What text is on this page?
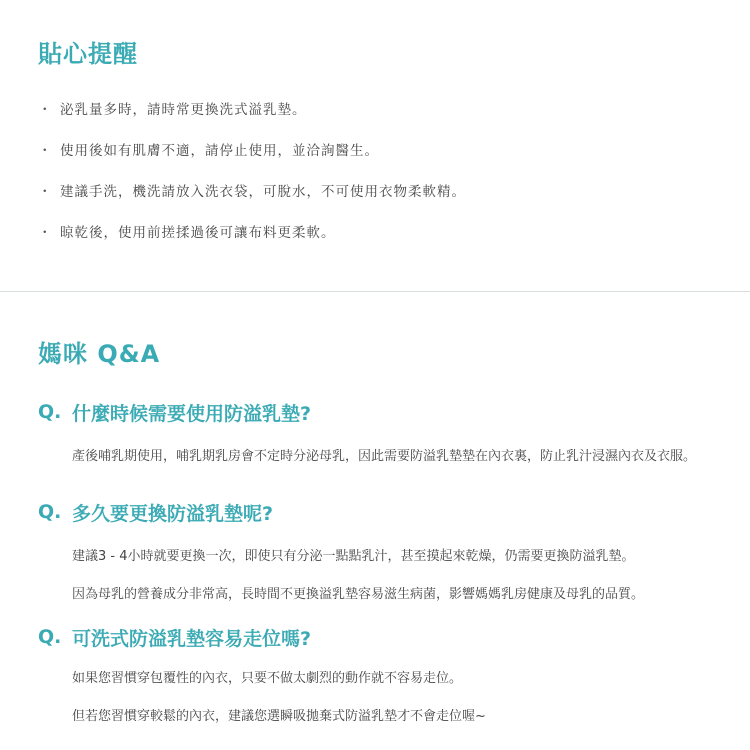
貼心提醒
・ 泌乳量多時，請時常更換洗式溢乳墊。
・ 使用後如有肌膚不適，請停止使用，並洽詢醫生。
・ 建議手洗，機洗請放入洗衣袋，可脫水，不可使用衣物柔軟精。
・ 晾乾後，使用前搓揉過後可讓布料更柔軟。
媽咪 Q&A
Q. 什麼時候需要使用防溢乳墊?

產後哺乳期使用，哺乳期乳房會不定時分泌母乳，因此需要防溢乳墊墊在內衣裏，防止乳汁浸濕內衣及衣服。

Q. 多久要更換防溢乳墊呢?

建議3 - 4小時就要更換一次，即使只有分泌一點點乳汁，甚至摸起來乾燥，仍需要更換防溢乳墊。

因為母乳的營養成分非常高，長時間不更換溢乳墊容易滋生病菌，影響媽媽乳房健康及母乳的品質。

Q. 可洗式防溢乳墊容易走位嗎?

如果您習慣穿包覆性的內衣，只要不做太劇烈的動作就不容易走位。

但若您習慣穿較鬆的內衣，建議您選瞬吸拋棄式防溢乳墊才不會走位喔~
